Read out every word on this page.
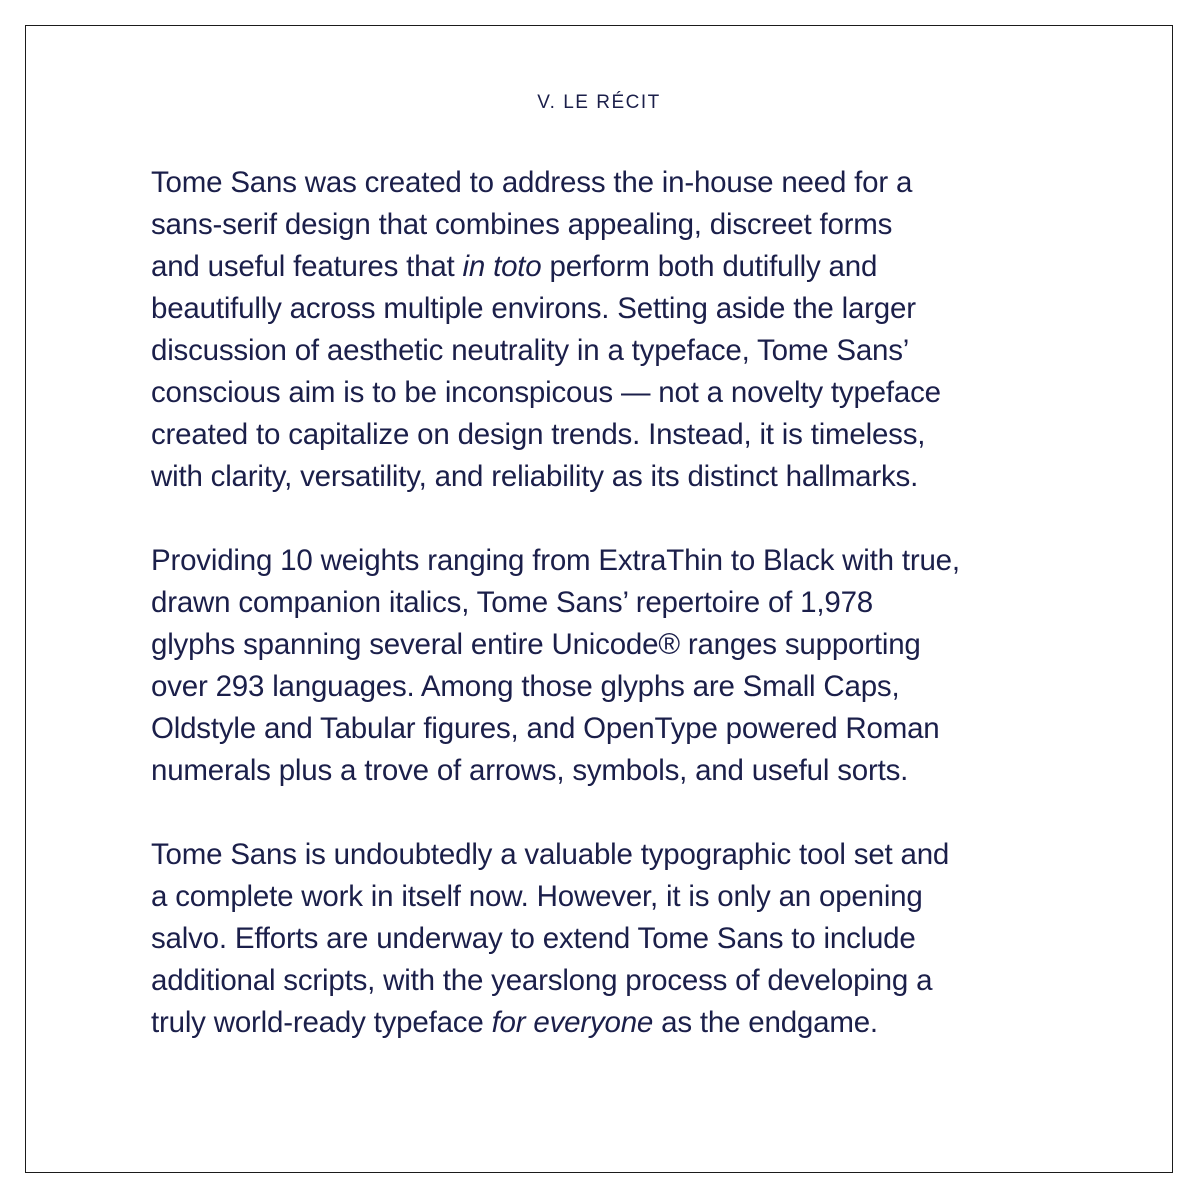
V. LE RÉCIT

Tome Sans was created to address the in-house need for a
sans-serif design that combines appealing, discreet forms
and useful features that in toto perform both dutifully and
beautifully across multiple environs. Setting aside the larger
discussion of aesthetic neutrality in a typeface, Tome Sans’
conscious aim is to be inconspicous — not a novelty typeface
created to capitalize on design trends. Instead, it is timeless,
with clarity, versatility, and reliability as its distinct hallmarks.

Providing 10 weights ranging from ExtraThin to Black with true,
drawn companion italics, Tome Sans’ repertoire of 1,978
glyphs spanning several entire Unicode® ranges supporting
over 293 languages. Among those glyphs are Small Caps,
Oldstyle and Tabular figures, and OpenType powered Roman
numerals plus a trove of arrows, symbols, and useful sorts.

Tome Sans is undoubtedly a valuable typographic tool set and
a complete work in itself now. However, it is only an opening
salvo. Efforts are underway to extend Tome Sans to include
additional scripts, with the yearslong process of developing a
truly world-ready typeface for everyone as the endgame.
